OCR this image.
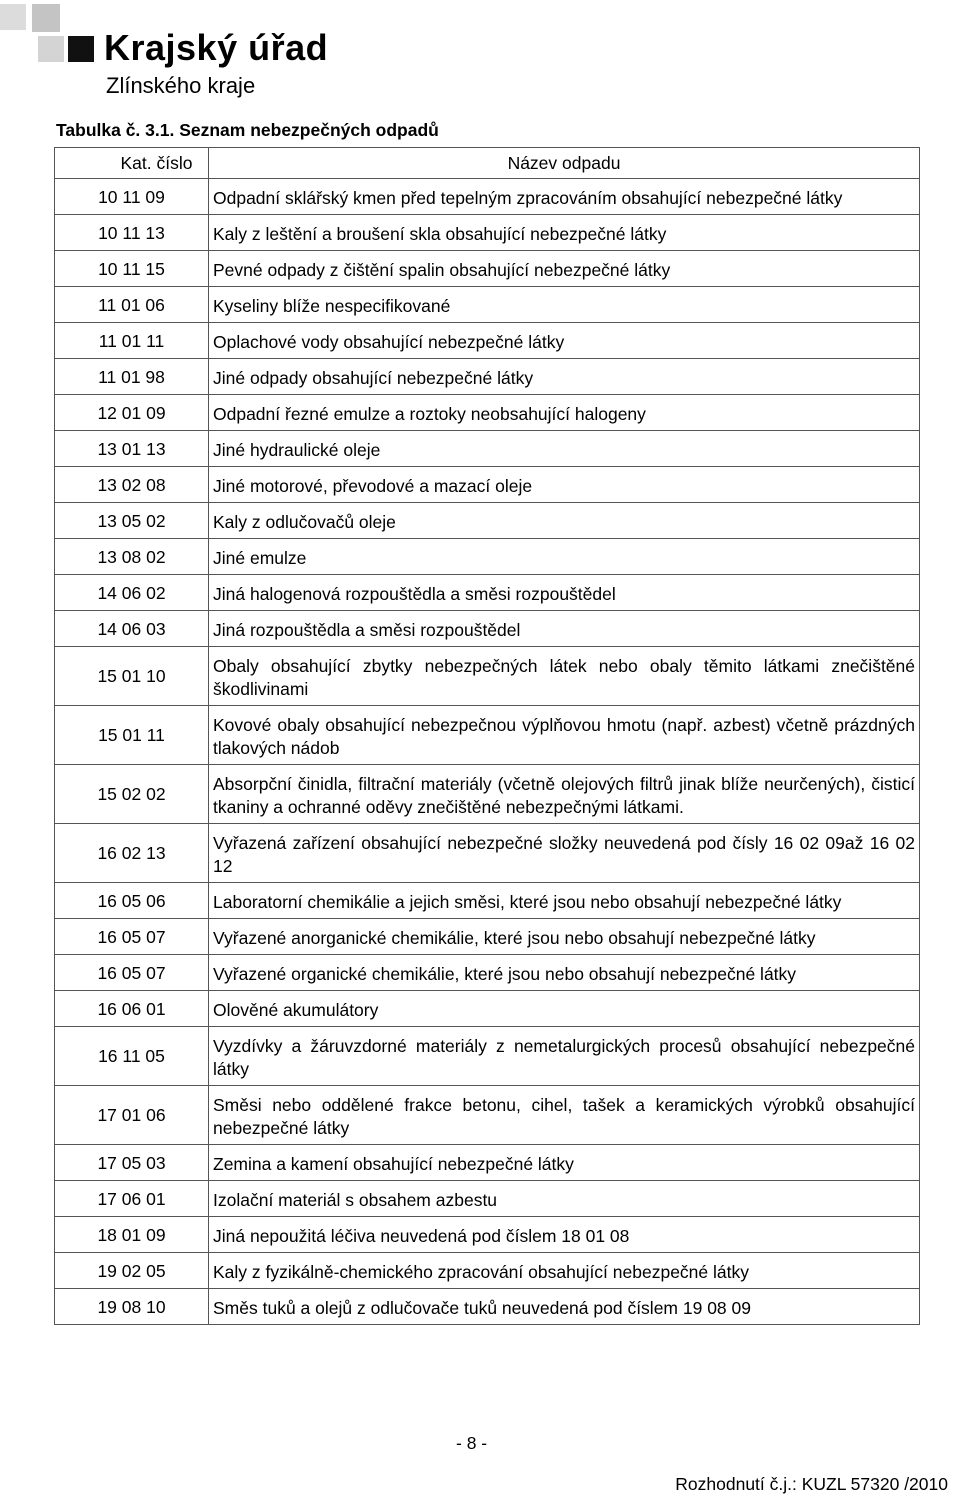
Krajský úřad
Zlínského kraje
Tabulka č. 3.1. Seznam nebezpečných odpadů
Kat. číslo	Název odpadu
10 11 09	Odpadní sklářský kmen před tepelným zpracováním obsahující nebezpečné látky
10 11 13	Kaly z leštění a broušení skla obsahující nebezpečné látky
10 11 15	Pevné odpady z čištění spalin obsahující nebezpečné látky
11 01 06	Kyseliny blíže nespecifikované
11 01 11	Oplachové vody obsahující nebezpečné látky
11 01 98	Jiné odpady obsahující nebezpečné látky
12 01 09	Odpadní řezné emulze a roztoky neobsahující halogeny
13 01 13	Jiné hydraulické oleje
13 02 08	Jiné motorové, převodové a mazací oleje
13 05 02	Kaly z odlučovačů oleje
13 08 02	Jiné emulze
14 06 02	Jiná halogenová rozpouštědla a směsi rozpouštědel
14 06 03	Jiná rozpouštědla a směsi rozpouštědel
15 01 10	Obaly obsahující zbytky nebezpečných látek nebo obaly těmito látkami znečištěné škodlivinami
15 01 11	Kovové obaly obsahující nebezpečnou výplňovou hmotu (např. azbest) včetně prázdných tlakových nádob
15 02 02	Absorpční činidla, filtrační materiály (včetně olejových filtrů jinak blíže neurčených), čisticí tkaniny a ochranné oděvy znečištěné nebezpečnými látkami.
16 02 13	Vyřazená zařízení obsahující nebezpečné složky neuvedená pod čísly 16 02 09až 16 02 12
16 05 06	Laboratorní chemikálie a jejich směsi, které jsou nebo obsahují nebezpečné látky
16 05 07	Vyřazené anorganické chemikálie, které jsou nebo obsahují nebezpečné látky
16 05 07	Vyřazené organické chemikálie, které jsou nebo obsahují nebezpečné látky
16 06 01	Olověné akumulátory
16 11 05	Vyzdívky a žáruvzdorné materiály z nemetalurgických procesů obsahující nebezpečné látky
17 01 06	Směsi nebo oddělené frakce betonu, cihel, tašek a keramických výrobků obsahující nebezpečné látky
17 05 03	Zemina a kamení obsahující nebezpečné látky
17 06 01	Izolační materiál s obsahem azbestu
18 01 09	Jiná nepoužitá léčiva neuvedená pod číslem 18 01 08
19 02 05	Kaly z fyzikálně-chemického zpracování obsahující nebezpečné látky
19 08 10	Směs tuků a olejů z odlučovače tuků neuvedená pod číslem 19 08 09
- 8 -
Rozhodnutí č.j.: KUZL 57320 /2010
